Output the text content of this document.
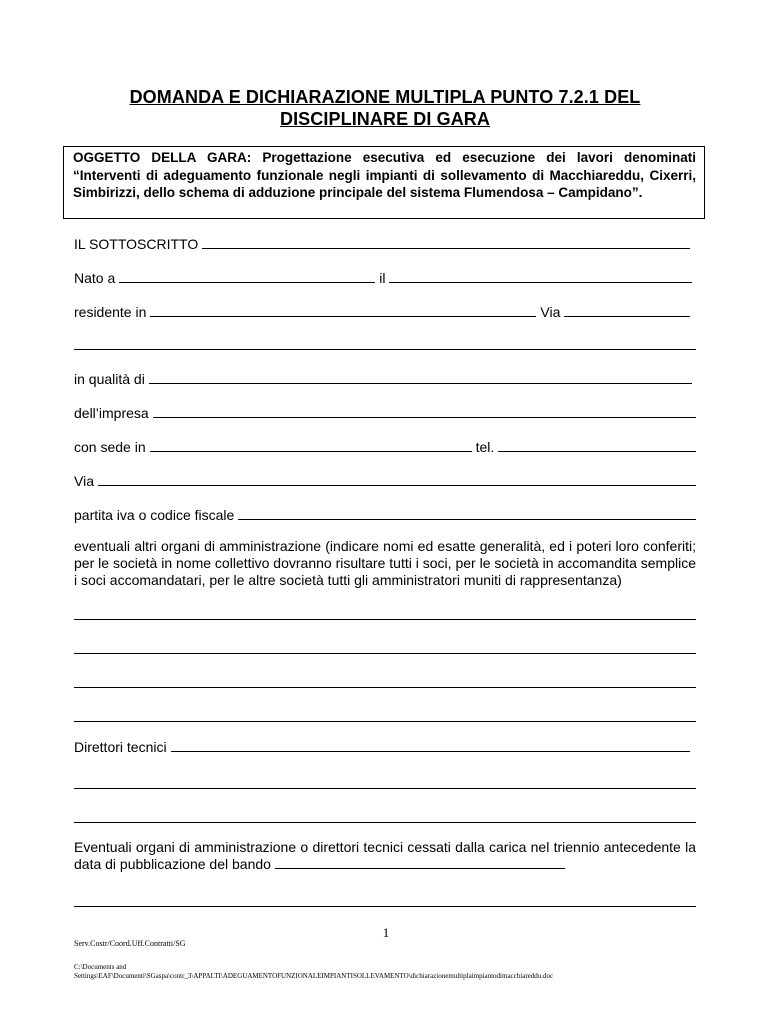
DOMANDA E DICHIARAZIONE MULTIPLA PUNTO 7.2.1 DEL
DISCIPLINARE DI GARA
OGGETTO DELLA GARA: Progettazione esecutiva ed esecuzione dei lavori denominati “Interventi di adeguamento funzionale negli impianti di sollevamento di Macchiareddu, Cixerri, Simbirizzi, dello schema di adduzione principale del sistema Flumendosa – Campidano”.
IL SOTTOSCRITTO
Nato a	il
residente in	Via
in qualità di
dell’impresa
con sede in	tel.
Via
partita iva o codice fiscale
eventuali altri organi di amministrazione (indicare nomi ed esatte generalità, ed i poteri loro conferiti; per le società in nome collettivo dovranno risultare tutti i soci, per le società in accomandita semplice i soci accomandatari, per le altre società tutti gli amministratori muniti di rappresentanza)
Direttori tecnici
Eventuali organi di amministrazione o direttori tecnici cessati dalla carica nel triennio antecedente la data di pubblicazione del bando
1
Serv.Costr/Coord.Uff.Contratti/SG
C:\Documents and
Settings\EAF\Documenti\SGaspa\contr_3\APPALTI\ADEGUAMENTOFUNZIONALEIMPIANTISOLLEVAMENTO\dichiarazionemultiplaimpiantodimacchiareddu.doc
